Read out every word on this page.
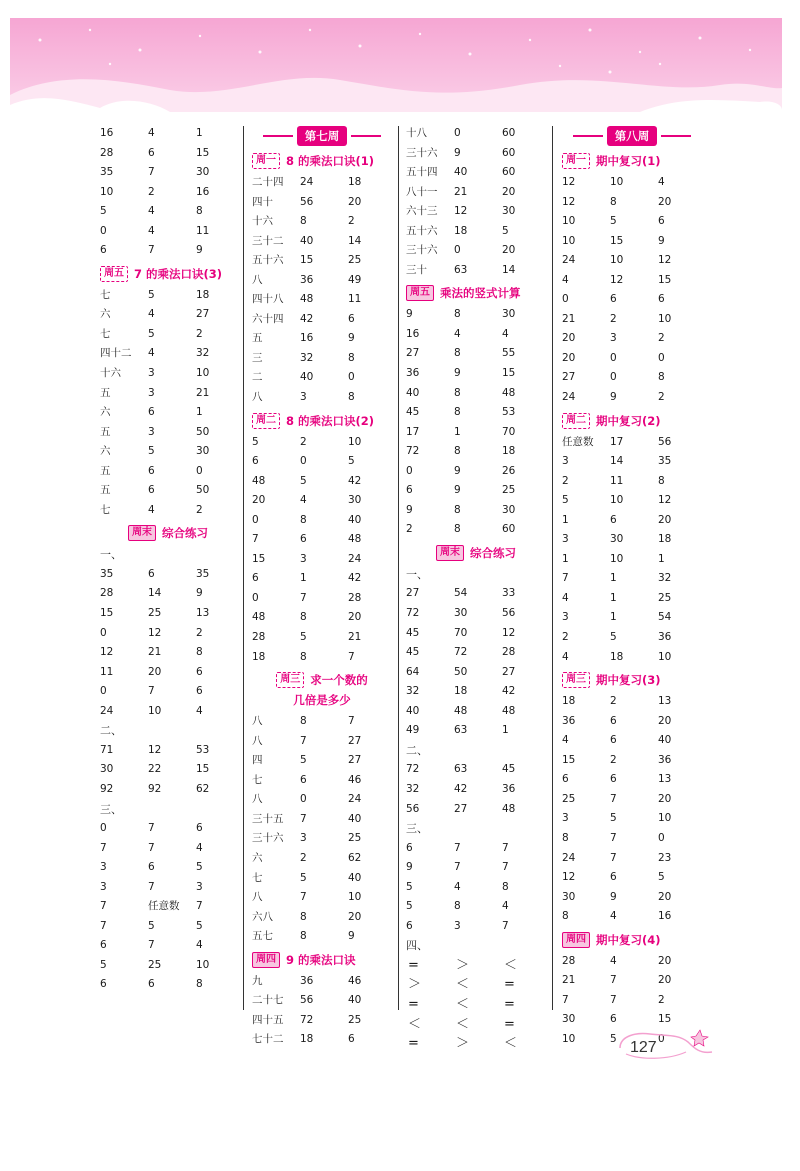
16	4	1
28	6	15
35	7	30
10	2	16
5	4	8
0	4	11
6	7	9
周五 7 的乘法口诀(3)
七	5	18
六	4	27
七	5	2
四十二	4	32
十六	3	10
五	3	21
六	6	1
五	3	50
六	5	30
五	6	0
五	6	50
七	4	2
周末 综合练习
一、
35	6	35
28	14	9
15	25	13
0	12	2
12	21	8
11	20	6
0	7	6
24	10	4
二、
71	12	53
30	22	15
92	92	62
三、
0	7	6
7	7	4
3	6	5
3	7	3
7	任意数	7
7	5	5
6	7	4
5	25	10
6	6	8
第七周
周一 8 的乘法口诀(1)
二十四	24	18
四十	56	20
十六	8	2
三十二	40	14
五十六	15	25
八	36	49
四十八	48	11
六十四	42	6
五	16	9
三	32	8
二	40	0
八	3	8
周二 8 的乘法口诀(2)
5	2	10
6	0	5
48	5	42
20	4	30
0	8	40
7	6	48
15	3	24
6	1	42
0	7	28
48	8	20
28	5	21
18	8	7
周三 求一个数的
几倍是多少
八	8	7
八	7	27
四	5	27
七	6	46
八	0	24
三十五	7	40
三十六	3	25
六	2	62
七	5	40
八	7	10
六八	8	20
五七	8	9
周四 9 的乘法口诀
九	36	46
二十七	56	40
四十五	72	25
七十二	18	6
十八	0	60
三十六	9	60
五十四	40	60
八十一	21	20
六十三	12	30
五十六	18	5
三十六	0	20
三十	63	14
周五 乘法的竖式计算
9	8	30
16	4	4
27	8	55
36	9	15
40	8	48
45	8	53
17	1	70
72	8	18
0	9	26
6	9	25
9	8	30
2	8	60
周末 综合练习
一、
27	54	33
72	30	56
45	70	12
45	72	28
64	50	27
32	18	42
40	48	48
49	63	1
二、
72	63	45
32	42	36
56	27	48
三、
6	7	7
9	7	7
5	4	8
5	8	4
6	3	7
四、
=	＞	＜
＞	＜	=
=	＜	=
＜	＜	=
=	＞	＜
第八周
周一 期中复习(1)
12	10	4
12	8	20
10	5	6
10	15	9
24	10	12
4	12	15
0	6	6
21	2	10
20	3	2
20	0	0
27	0	8
24	9	2
周二 期中复习(2)
任意数	17	56
3	14	35
2	11	8
5	10	12
1	6	20
3	30	18
1	10	1
7	1	32
4	1	25
3	1	54
2	5	36
4	18	10
周三 期中复习(3)
18	2	13
36	6	20
4	6	40
15	2	36
6	6	13
25	7	20
3	5	10
8	7	0
24	7	23
12	6	5
30	9	20
8	4	16
周四 期中复习(4)
28	4	20
21	7	20
7	7	2
30	6	15
10	5	0
127
